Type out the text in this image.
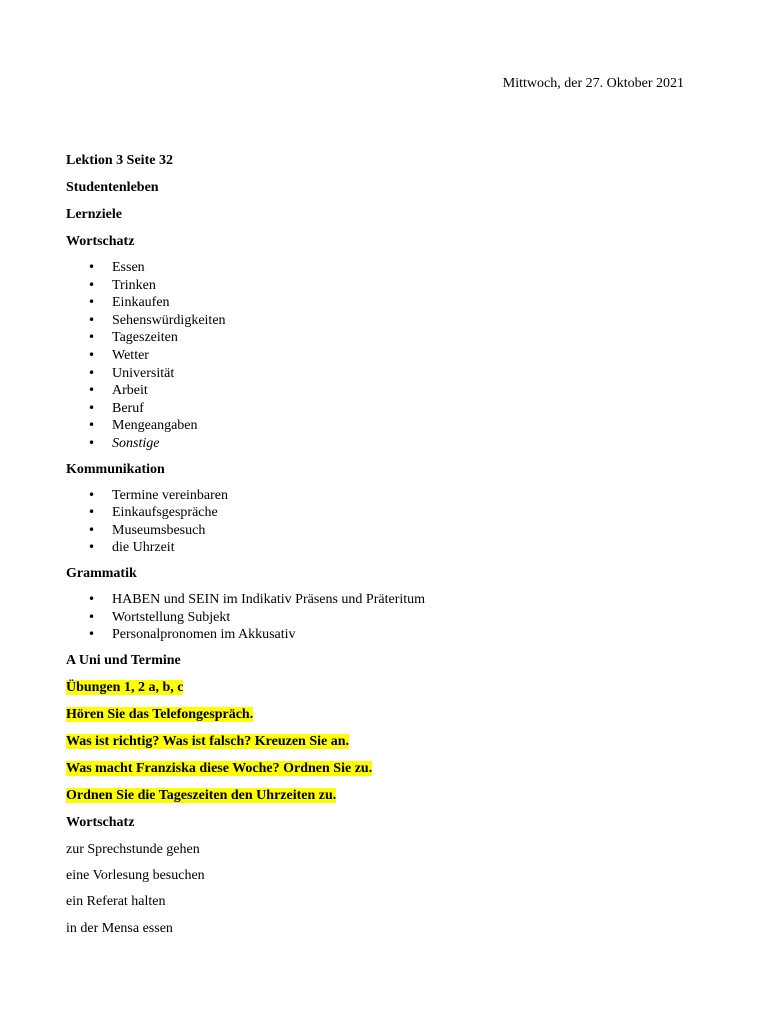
Mittwoch, der 27. Oktober 2021
Lektion 3 Seite 32
Studentenleben
Lernziele
Wortschatz
• Essen
• Trinken
• Einkaufen
• Sehenswürdigkeiten
• Tageszeiten
• Wetter
• Universität
• Arbeit
• Beruf
• Mengeangaben
• Sonstige
Kommunikation
• Termine vereinbaren
• Einkaufsgespräche
• Museumsbesuch
• die Uhrzeit
Grammatik
• HABEN und SEIN im Indikativ Präsens und Präteritum
• Wortstellung Subjekt
• Personalpronomen im Akkusativ
A Uni und Termine
Übungen 1, 2 a, b, c
Hören Sie das Telefongespräch.
Was ist richtig? Was ist falsch? Kreuzen Sie an.
Was macht Franziska diese Woche? Ordnen Sie zu.
Ordnen Sie die Tageszeiten den Uhrzeiten zu.
Wortschatz
zur Sprechstunde gehen
eine Vorlesung besuchen
ein Referat halten
in der Mensa essen
